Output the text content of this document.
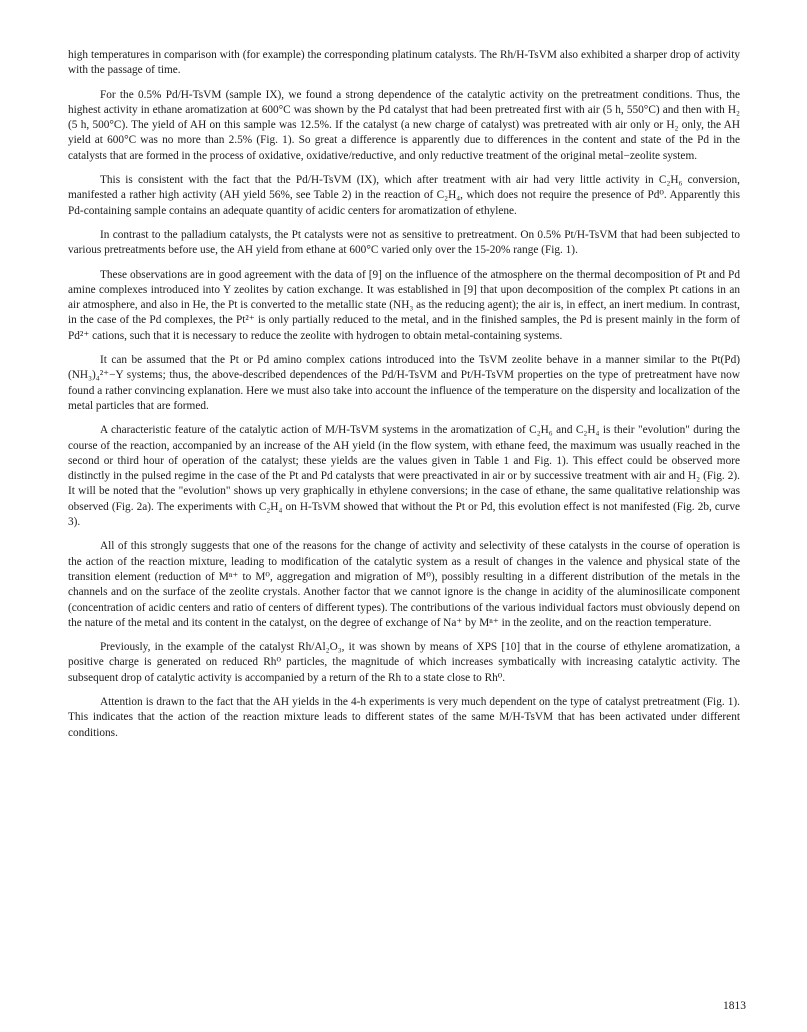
high temperatures in comparison with (for example) the corresponding platinum catalysts. The Rh/H-TsVM also exhibited a sharper drop of activity with the passage of time.

For the 0.5% Pd/H-TsVM (sample IX), we found a strong dependence of the catalytic activity on the pretreatment conditions. Thus, the highest activity in ethane aromatization at 600°C was shown by the Pd catalyst that had been pretreated first with air (5 h, 550°C) and then with H₂ (5 h, 500°C). The yield of AH on this sample was 12.5%. If the catalyst (a new charge of catalyst) was pretreated with air only or H₂ only, the AH yield at 600°C was no more than 2.5% (Fig. 1). So great a difference is apparently due to differences in the content and state of the Pd in the catalysts that are formed in the process of oxidative, oxidative/reductive, and only reductive treatment of the original metal−zeolite system.

This is consistent with the fact that the Pd/H-TsVM (IX), which after treatment with air had very little activity in C₂H₆ conversion, manifested a rather high activity (AH yield 56%, see Table 2) in the reaction of C₂H₄, which does not require the presence of Pd⁰. Apparently this Pd-containing sample contains an adequate quantity of acidic centers for aromatization of ethylene.

In contrast to the palladium catalysts, the Pt catalysts were not as sensitive to pretreatment. On 0.5% Pt/H-TsVM that had been subjected to various pretreatments before use, the AH yield from ethane at 600°C varied only over the 15-20% range (Fig. 1).

These observations are in good agreement with the data of [9] on the influence of the atmosphere on the thermal decomposition of Pt and Pd amine complexes introduced into Y zeolites by cation exchange. It was established in [9] that upon decomposition of the complex Pt cations in an air atmosphere, and also in He, the Pt is converted to the metallic state (NH₃ as the reducing agent); the air is, in effect, an inert medium. In contrast, in the case of the Pd complexes, the Pt²⁺ is only partially reduced to the metal, and in the finished samples, the Pd is present mainly in the form of Pd²⁺ cations, such that it is necessary to reduce the zeolite with hydrogen to obtain metal-containing systems.

It can be assumed that the Pt or Pd amino complex cations introduced into the TsVM zeolite behave in a manner similar to the Pt(Pd) (NH₃)₄²⁺−Y systems; thus, the above-described dependences of the Pd/H-TsVM and Pt/H-TsVM properties on the type of pretreatment have now found a rather convincing explanation. Here we must also take into account the influence of the temperature on the dispersity and localization of the metal particles that are formed.

A characteristic feature of the catalytic action of M/H-TsVM systems in the aromatization of C₂H₆ and C₂H₄ is their "evolution" during the course of the reaction, accompanied by an increase of the AH yield (in the flow system, with ethane feed, the maximum was usually reached in the second or third hour of operation of the catalyst; these yields are the values given in Table 1 and Fig. 1). This effect could be observed more distinctly in the pulsed regime in the case of the Pt and Pd catalysts that were preactivated in air or by successive treatment with air and H₂ (Fig. 2). It will be noted that the "evolution" shows up very graphically in ethylene conversions; in the case of ethane, the same qualitative relationship was observed (Fig. 2a). The experiments with C₂H₄ on H-TsVM showed that without the Pt or Pd, this evolution effect is not manifested (Fig. 2b, curve 3).

All of this strongly suggests that one of the reasons for the change of activity and selectivity of these catalysts in the course of operation is the action of the reaction mixture, leading to modification of the catalytic system as a result of changes in the valence and physical state of the transition element (reduction of Mⁿ⁺ to M⁰, aggregation and migration of M⁰), possibly resulting in a different distribution of the metals in the channels and on the surface of the zeolite crystals. Another factor that we cannot ignore is the change in acidity of the aluminosilicate component (concentration of acidic centers and ratio of centers of different types). The contributions of the various individual factors must obviously depend on the nature of the metal and its content in the catalyst, on the degree of exchange of Na⁺ by Mⁿ⁺ in the zeolite, and on the reaction temperature.

Previously, in the example of the catalyst Rh/Al₂O₃, it was shown by means of XPS [10] that in the course of ethylene aromatization, a positive charge is generated on reduced Rh⁰ particles, the magnitude of which increases symbatically with increasing catalytic activity. The subsequent drop of catalytic activity is accompanied by a return of the Rh to a state close to Rh⁰.

Attention is drawn to the fact that the AH yields in the 4-h experiments is very much dependent on the type of catalyst pretreatment (Fig. 1). This indicates that the action of the reaction mixture leads to different states of the same M/H-TsVM that has been activated under different conditions.

1813
